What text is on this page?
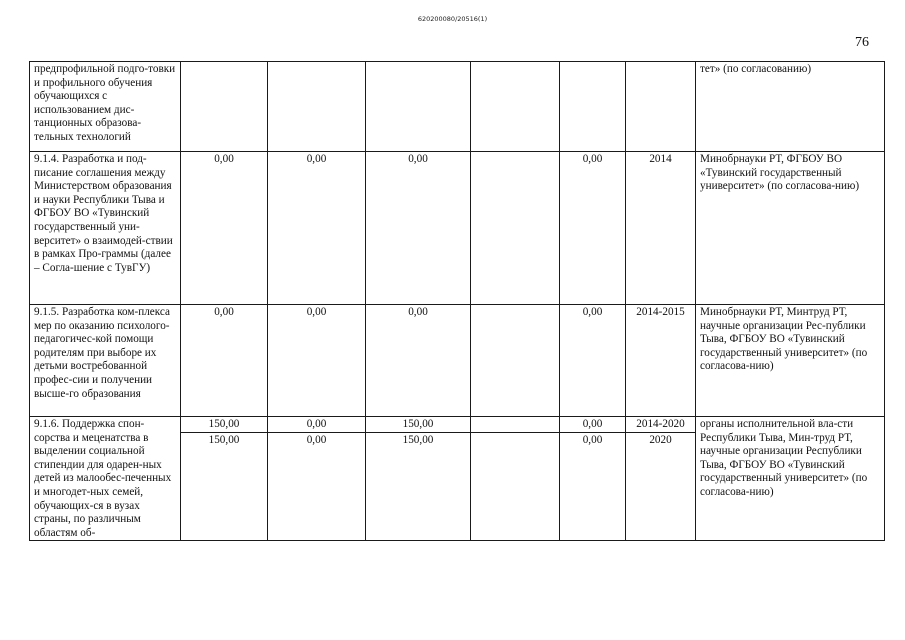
620200080/20516(1)
76
предпрофильной подго-товки и профильного обучения обучающихся с использованием дис-танционных образова-тельных технологий							тет» (по согласованию)
9.1.4. Разработка и под-писание соглашения между Министерством образования и науки Республики Тыва и ФГБОУ ВО «Тувинский государственный уни-верситет» о взаимодей-ствии в рамках Про-граммы (далее – Согла-шение с ТувГУ)	0,00	0,00	0,00		0,00	2014	Минобрнауки РТ, ФГБОУ ВО «Тувинский государственный университет» (по согласова-нию)
9.1.5. Разработка ком-плекса мер по оказанию психолого-педагогичес-кой помощи родителям при выборе их детьми востребованной профес-сии и получении высше-го образования	0,00	0,00	0,00		0,00	2014-2015	Минобрнауки РТ, Минтруд РТ, научные организации Рес-публики Тыва, ФГБОУ ВО «Тувинский государственный университет» (по согласова-нию)
9.1.6. Поддержка спон-сорства и меценатства в выделении социальной стипендии для одарен-ных детей из малообес-печенных и многодет-ных семей, обучающих-ся в вузах страны, по различным областям об-	150,00	0,00	150,00		0,00	2014-2020	органы исполнительной вла-сти Республики Тыва, Мин-труд РТ, научные организации Республики Тыва, ФГБОУ ВО «Тувинский государственный университет» (по согласова-нию)
	150,00	0,00	150,00		0,00	2020	
